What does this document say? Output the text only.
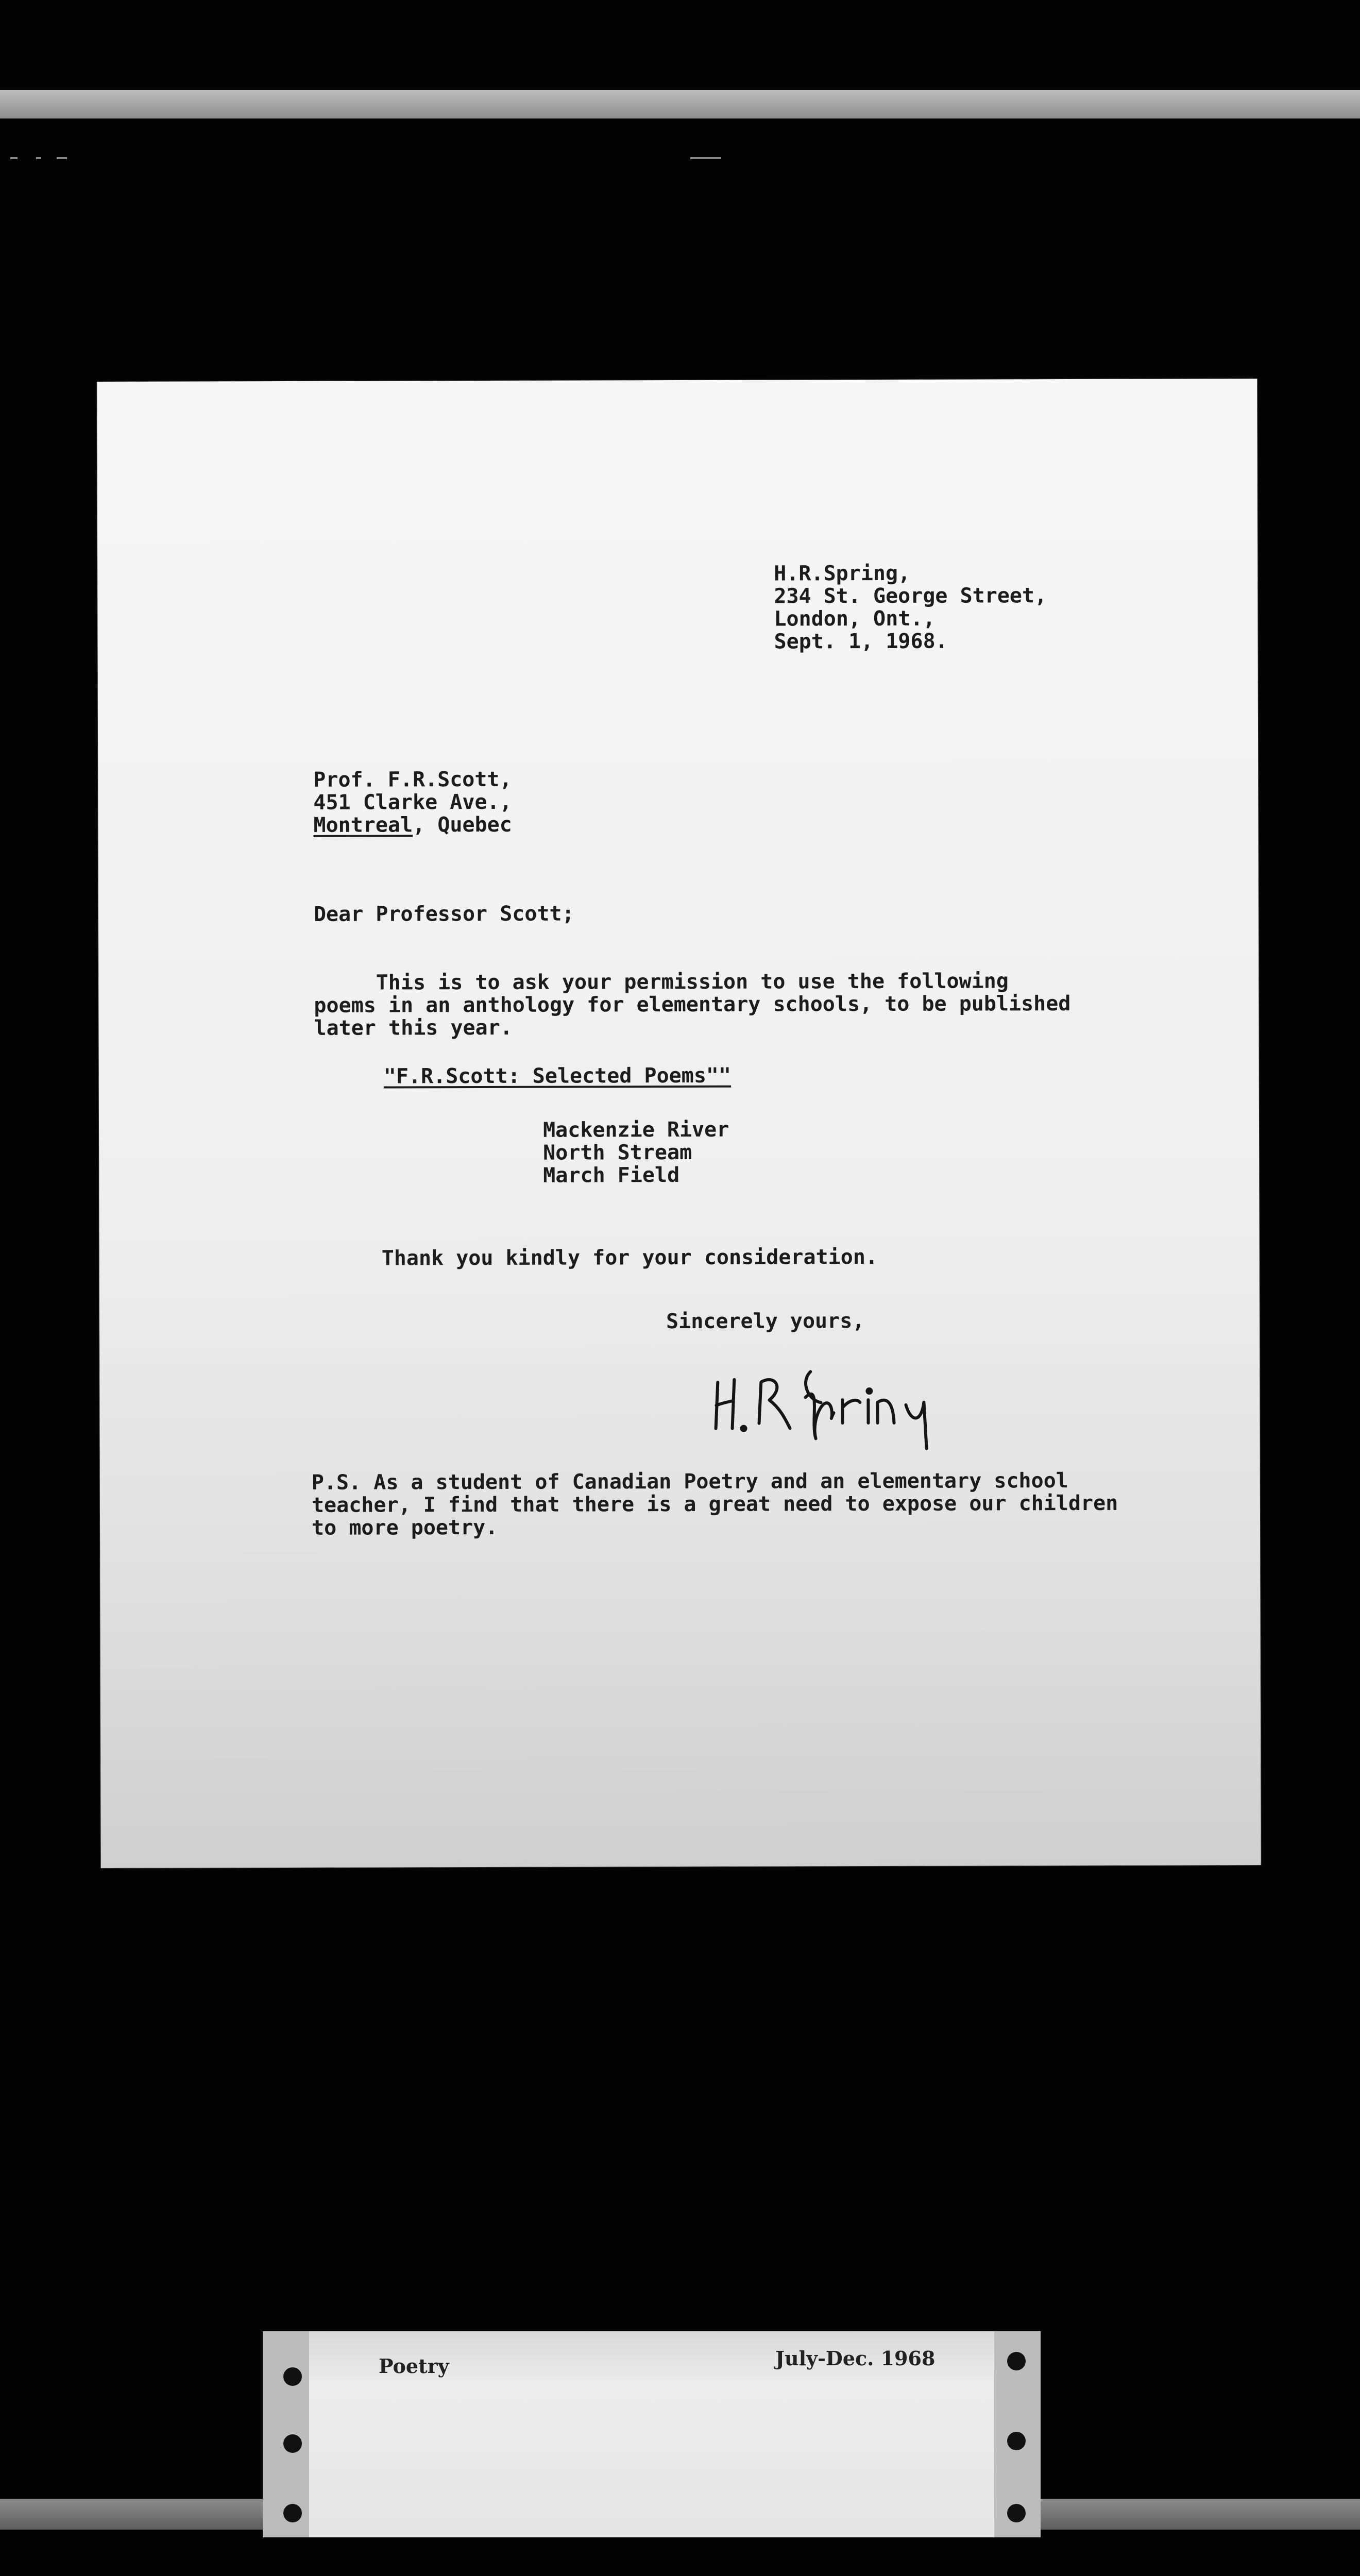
H.R.Spring,
234 St. George Street,
London, Ont.,
Sept. 1, 1968.
Prof. F.R.Scott,
451 Clarke Ave.,
Montreal, Quebec
Dear Professor Scott;
This is to ask your permission to use the following
poems in an anthology for elementary schools, to be published
later this year.
"F.R.Scott: Selected Poems""
Mackenzie River
North Stream
March Field
Thank you kindly for your consideration.
Sincerely yours,
P.S. As a student of Canadian Poetry and an elementary school
teacher, I find that there is a great need to expose our children
to more poetry.
Poetry	July-Dec. 1968
